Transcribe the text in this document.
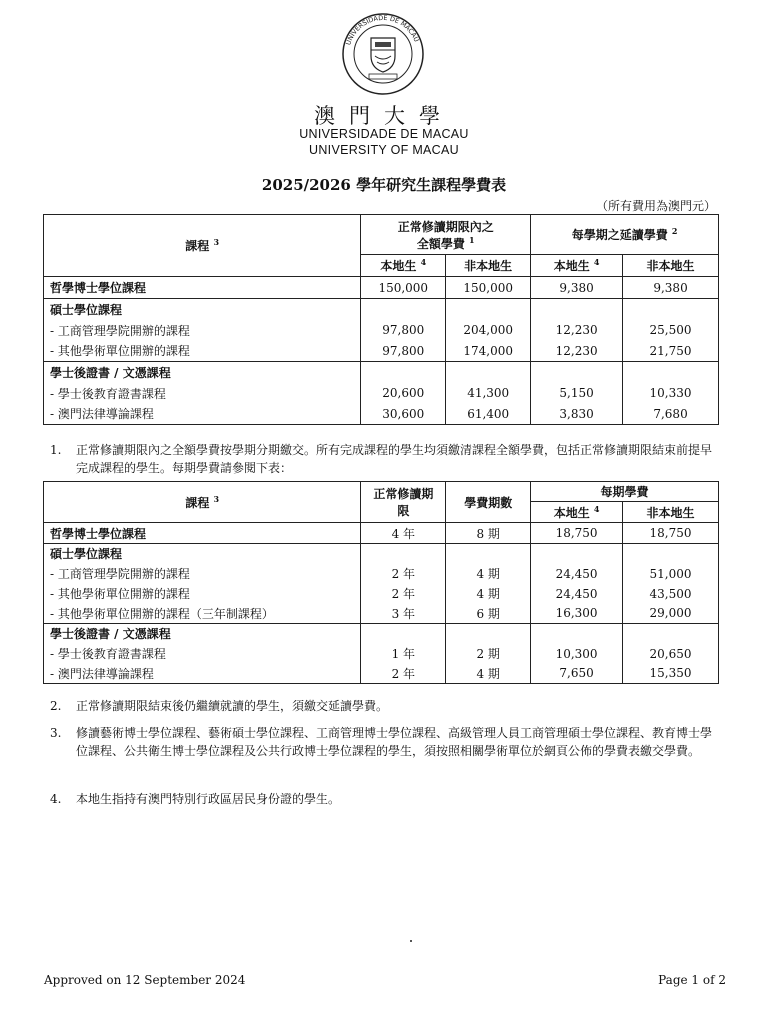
UNIVERSIDADE DE MACAU
澳門大學
UNIVERSIDADE DE MACAU
UNIVERSITY OF MACAU
2025/2026 學年研究生課程學費表
（所有費用為澳門元）
課程 $^3$	正常修讀期限內之
全額學費 $^1$		每學期之延讀學費 $^2$
	本地生 $^4$	非本地生	本地生 $^4$	非本地生
哲學博士學位課程	150,000	150,000	9,380	9,380
碩士學位課程				
- 工商管理學院開辦的課程	97,800	204,000	12,230	25,500
- 其他學術單位開辦的課程	97,800	174,000	12,230	21,750
學士後證書 / 文憑課程				
- 學士後教育證書課程	20,600	41,300	5,150	10,330
- 澳門法律導論課程	30,600	61,400	3,830	7,680
1. 正常修讀期限內之全額學費按學期分期繳交。所有完成課程的學生均須繳清課程全額學費，包括正常修讀期限結束前提早完成課程的學生。每期學費請參閱下表：
課程 $^3$	正常修讀期限	學費期數	每期學費	
			本地生 $^4$	非本地生
哲學博士學位課程	4 年	8 期	18,750	18,750
碩士學位課程				
- 工商管理學院開辦的課程	2 年	4 期	24,450	51,000
- 其他學術單位開辦的課程	2 年	4 期	24,450	43,500
- 其他學術單位開辦的課程（三年制課程）	3 年	6 期	16,300	29,000
學士後證書 / 文憑課程				
- 學士後教育證書課程	1 年	2 期	10,300	20,650
- 澳門法律導論課程	2 年	4 期	7,650	15,350
2. 正常修讀期限結束後仍繼續就讀的學生，須繳交延讀學費。
3. 修讀藝術博士學位課程、藝術碩士學位課程、工商管理博士學位課程、高級管理人員工商管理碩士學位課程、教育博士學位課程、公共衛生博士學位課程及公共行政博士學位課程的學生，須按照相關學術單位於網頁公佈的學費表繳交學費。
4. 本地生指持有澳門特別行政區居民身份證的學生。
Approved on 12 September 2024	Page 1 of 2
